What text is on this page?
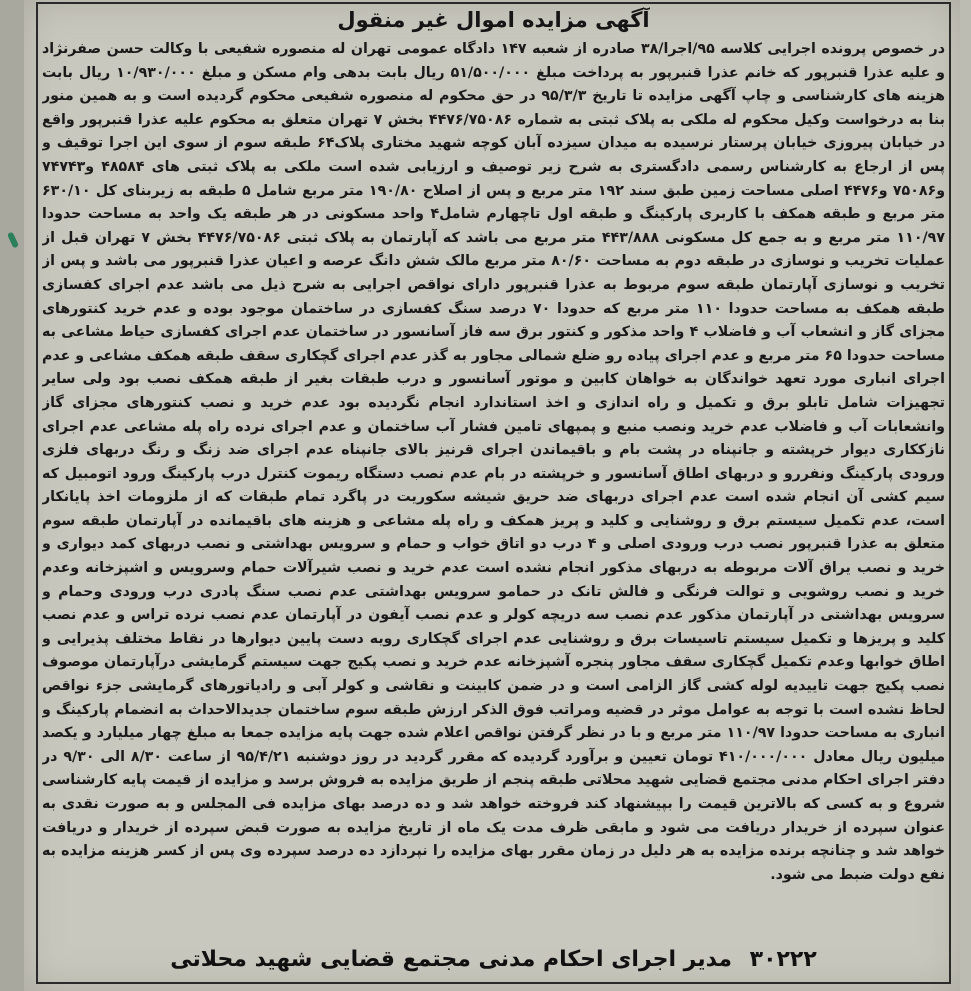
آگهی مزایده اموال غیر منقول
در خصوص پرونده اجرایی کلاسه ۹۵/اجرا/۳۸ صادره از شعبه ۱۴۷ دادگاه عمومی تهران له منصوره شفیعی با وکالت حسن صفرنژاد و علیه عذرا قنبرپور که خانم عذرا قنبرپور به پرداخت مبلغ ۵۱/۵۰۰/۰۰۰ ریال بابت بدهی وام مسکن و مبلغ ۱۰/۹۳۰/۰۰۰ ریال بابت هزینه های کارشناسی و چاپ آگهی مزایده تا تاریخ ۹۵/۳/۳ در حق محکوم له منصوره شفیعی محکوم گردیده است و به همین منور بنا به درخواست وکیل محکوم له ملکی به پلاک ثبتی به شماره ۴۴۷۶/۷۵۰۸۶ بخش ۷ تهران متعلق به محکوم علیه عذرا قنبرپور واقع در خیابان پیروزی خیابان پرستار نرسیده به میدان سیزده آبان کوچه شهید مختاری پلاک۶۴ طبقه سوم از سوی این اجرا توقیف و پس از ارجاع به کارشناس رسمی دادگستری به شرح زیر توصیف و ارزیابی شده است ملکی به پلاک ثبتی های ۴۸۵۸۴ و۷۴۷۴۳ و۷۵۰۸۶ و۴۴۷۶ اصلی مساحت زمین طبق سند ۱۹۲ متر مربع و پس از اصلاح ۱۹۰/۸۰ متر مربع شامل ۵ طبقه به زیربنای کل ۶۳۰/۱۰ متر مربع و طبقه همکف با کاربری پارکینگ و طبقه اول تاچهارم شامل۴ واحد مسکونی در هر طبقه یک واحد به مساحت حدودا ۱۱۰/۹۷ متر مربع و به جمع کل مسکونی ۴۴۳/۸۸۸ متر مربع می باشد که آپارتمان به پلاک ثبتی ۴۴۷۶/۷۵۰۸۶ بخش ۷ تهران قبل از عملیات تخریب و نوسازی در طبقه دوم به مساحت ۸۰/۶۰ متر مربع مالک شش دانگ عرصه و اعیان عذرا قنبرپور می باشد و پس از تخریب و نوسازی آپارتمان طبقه سوم مربوط به عذرا قنبرپور دارای نواقص اجرایی به شرح ذیل می باشد عدم اجرای کفسازی طبقه همکف به مساحت حدودا ۱۱۰ متر مربع که حدودا ۷۰ درصد سنگ کفسازی در ساختمان موجود بوده و عدم خرید کنتورهای مجزای گاز و انشعاب آب و فاضلاب ۴ واحد مذکور و کنتور برق سه فاز آسانسور در ساختمان عدم اجرای کفسازی حیاط مشاعی به مساحت حدودا ۶۵ متر مربع و عدم اجرای پیاده رو ضلع شمالی مجاور به گذر عدم اجرای گچکاری سقف طبقه همکف مشاعی و عدم اجرای انباری مورد تعهد خواندگان به خواهان کابین و موتور آسانسور و درب طبقات بغیر از طبقه همکف نصب بود ولی سایر تجهیزات شامل تابلو برق و تکمیل و راه اندازی و اخذ استاندارد انجام نگردیده بود عدم خرید و نصب کنتورهای مجزای گاز وانشعابات آب و فاضلاب عدم خرید ونصب منبع و پمپهای تامین فشار آب ساختمان و عدم اجرای نرده راه پله مشاعی عدم اجرای نازککاری دیوار خرپشته و جانپناه در پشت بام و باقیماندن اجرای قرنیز بالای جانپناه عدم اجرای ضد زنگ و رنگ دربهای فلزی ورودی پارکینگ ونفررو و دربهای اطاق آسانسور و خرپشته در بام عدم نصب دستگاه ریموت کنترل درب پارکینگ ورود اتومبیل که سیم کشی آن انجام شده است عدم اجرای دربهای ضد حریق شیشه سکوریت در پاگرد تمام طبقات که از ملزومات اخذ پایانکار است، عدم تکمیل سیستم برق و روشنایی و کلید و پریز همکف و راه پله مشاعی و هزینه های باقیمانده در آپارتمان طبقه سوم متعلق به عذرا قنبرپور نصب درب ورودی اصلی و ۴ درب دو اتاق خواب و حمام و سرویس بهداشتی و نصب دربهای کمد دیواری و خرید و نصب یراق آلات مربوطه به دربهای مذکور انجام نشده است عدم خرید و نصب شیرآلات حمام وسرویس و اشپزخانه وعدم خرید و نصب روشویی و توالت فرنگی و فالش تانک در حمامو سرویس بهداشتی عدم نصب سنگ پادری درب ورودی وحمام و سرویس بهداشتی در آپارتمان مذکور عدم نصب سه دریچه کولر و عدم نصب آیفون در آپارتمان عدم نصب نرده تراس و عدم نصب کلید و پریزها و تکمیل سیستم تاسیسات برق و روشنایی عدم اجرای گچکاری رویه دست پایین دیوارها در نقاط مختلف پذیرایی و اطاق خوابها وعدم تکمیل گچکاری سقف مجاور پنجره آشپزخانه عدم خرید و نصب پکیج جهت سیستم گرمایشی درآپارتمان موصوف نصب پکیج جهت تاییدیه لوله کشی گاز الزامی است و در ضمن کابینت و نقاشی و کولر آبی و رادیاتورهای گرمایشی جزء نواقص لحاظ نشده است با توجه به عوامل موثر در قضیه ومراتب فوق الذکر ارزش طبقه سوم ساختمان جدیدالاحداث به انضمام پارکینگ و انباری به مساحت حدودا ۱۱۰/۹۷ متر مربع و با در نظر گرفتن نواقص اعلام شده جهت پایه مزایده جمعا به مبلغ چهار میلیارد و یکصد میلیون ریال معادل ۴۱۰/۰۰۰/۰۰۰ تومان تعیین و برآورد گردیده که مقرر گردید در روز دوشنبه ۹۵/۴/۲۱ از ساعت ۸/۳۰ الی ۹/۳۰ در دفتر اجرای احکام مدنی مجتمع قضایی شهید محلاتی طبقه پنجم از طریق مزایده به فروش برسد و مزایده از قیمت پایه کارشناسی شروع و به کسی که بالاترین قیمت را بپیشنهاد کند فروخته خواهد شد و ده درصد بهای مزایده فی المجلس و به صورت نقدی به عنوان سپرده از خریدار دریافت می شود و مابقی ظرف مدت یک ماه از تاریخ مزایده به صورت قبض سپرده از خریدار و دریافت خواهد شد و چنانچه برنده مزایده به هر دلیل در زمان مقرر بهای مزایده را نپردازد ده درصد سپرده وی پس از کسر هزینه مزایده به نفع دولت ضبط می شود.
۳۰۲۲۲ مدیر اجرای احکام مدنی مجتمع قضایی شهید محلاتی
